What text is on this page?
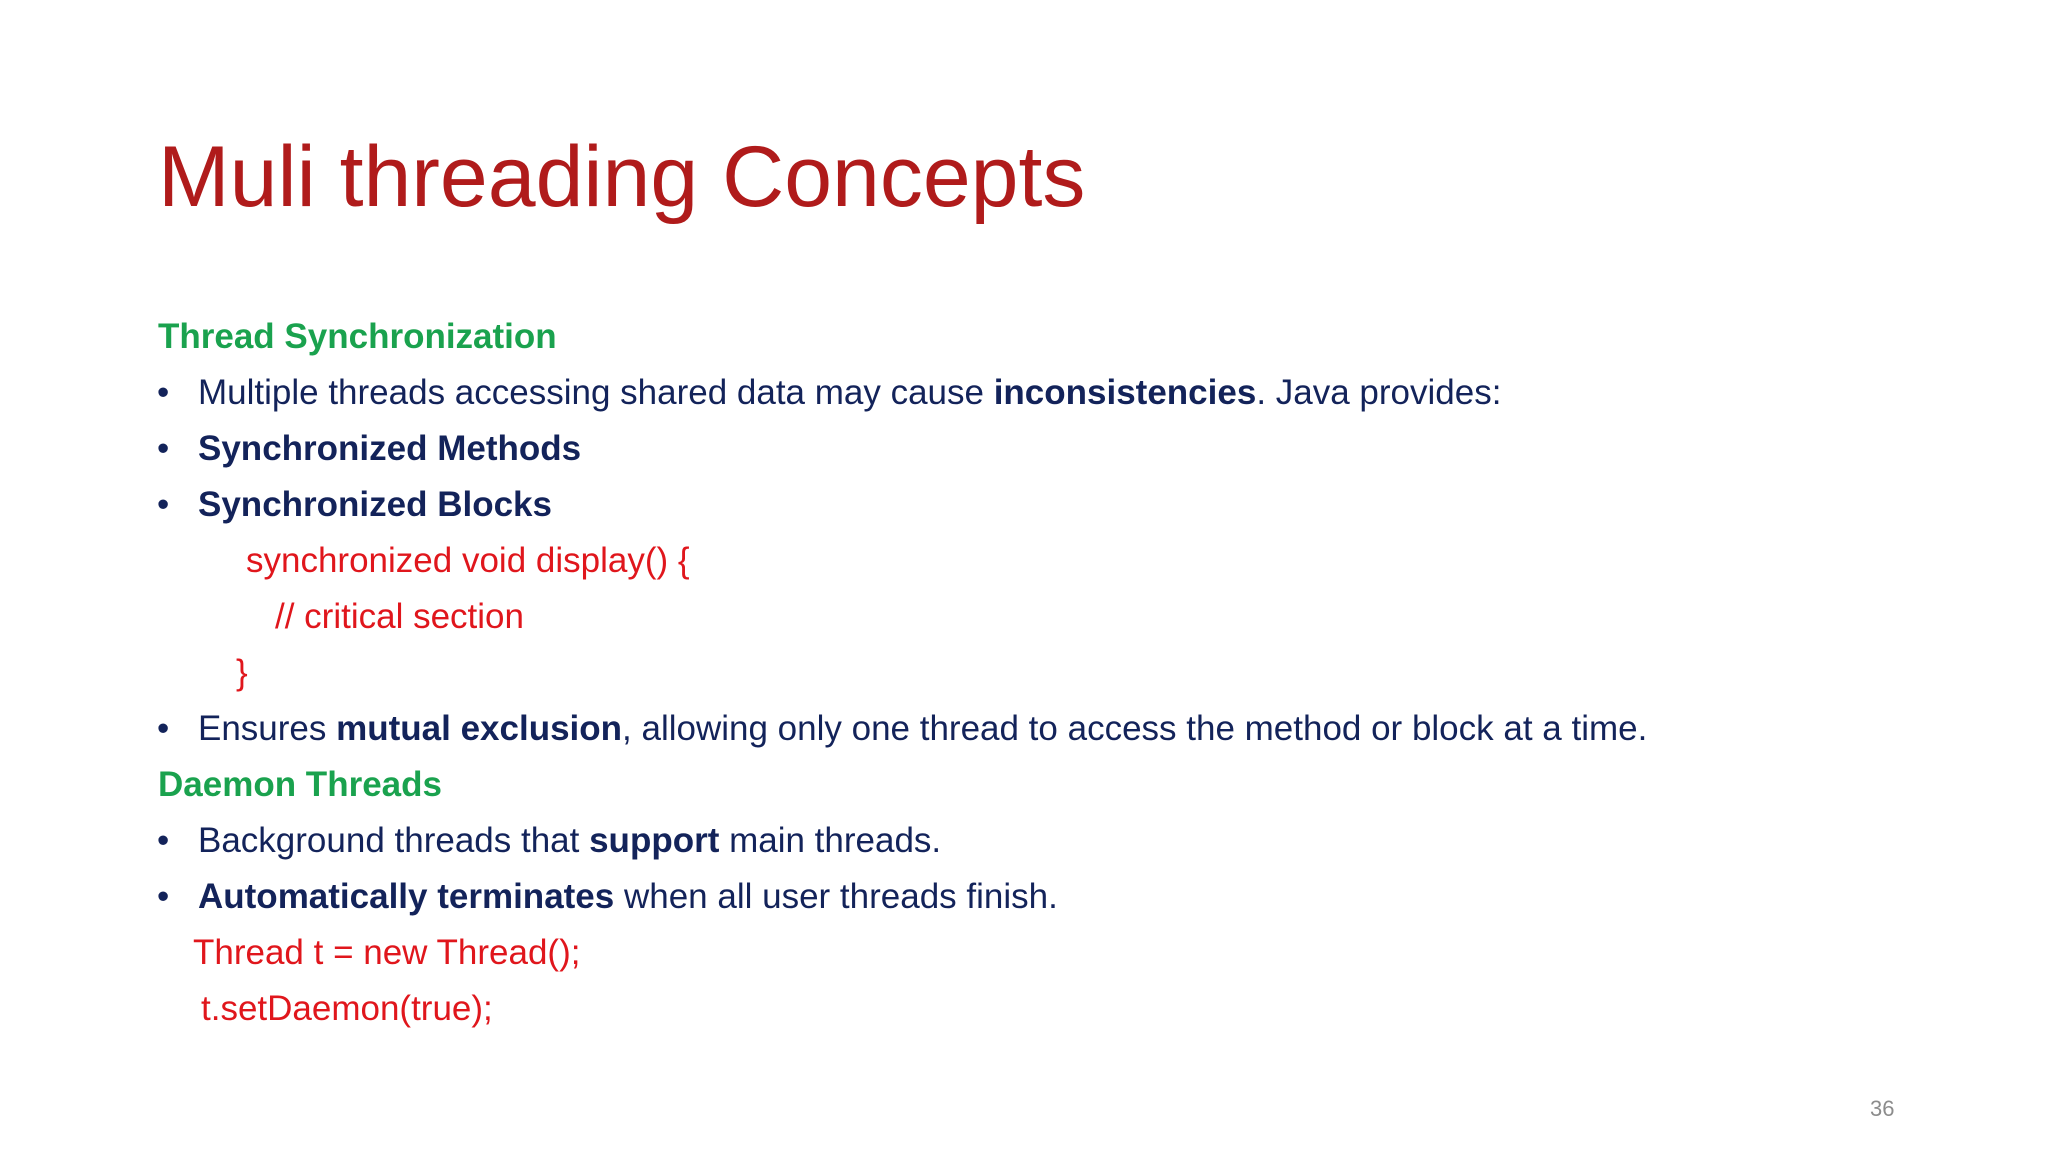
Muli threading Concepts
Thread Synchronization
• Multiple threads accessing shared data may cause inconsistencies. Java provides:
• Synchronized Methods
• Synchronized Blocks
synchronized void display() {
// critical section
}
• Ensures mutual exclusion, allowing only one thread to access the method or block at a time.
Daemon Threads
• Background threads that support main threads.
• Automatically terminates when all user threads finish.
Thread t = new Thread();
t.setDaemon(true);
36
